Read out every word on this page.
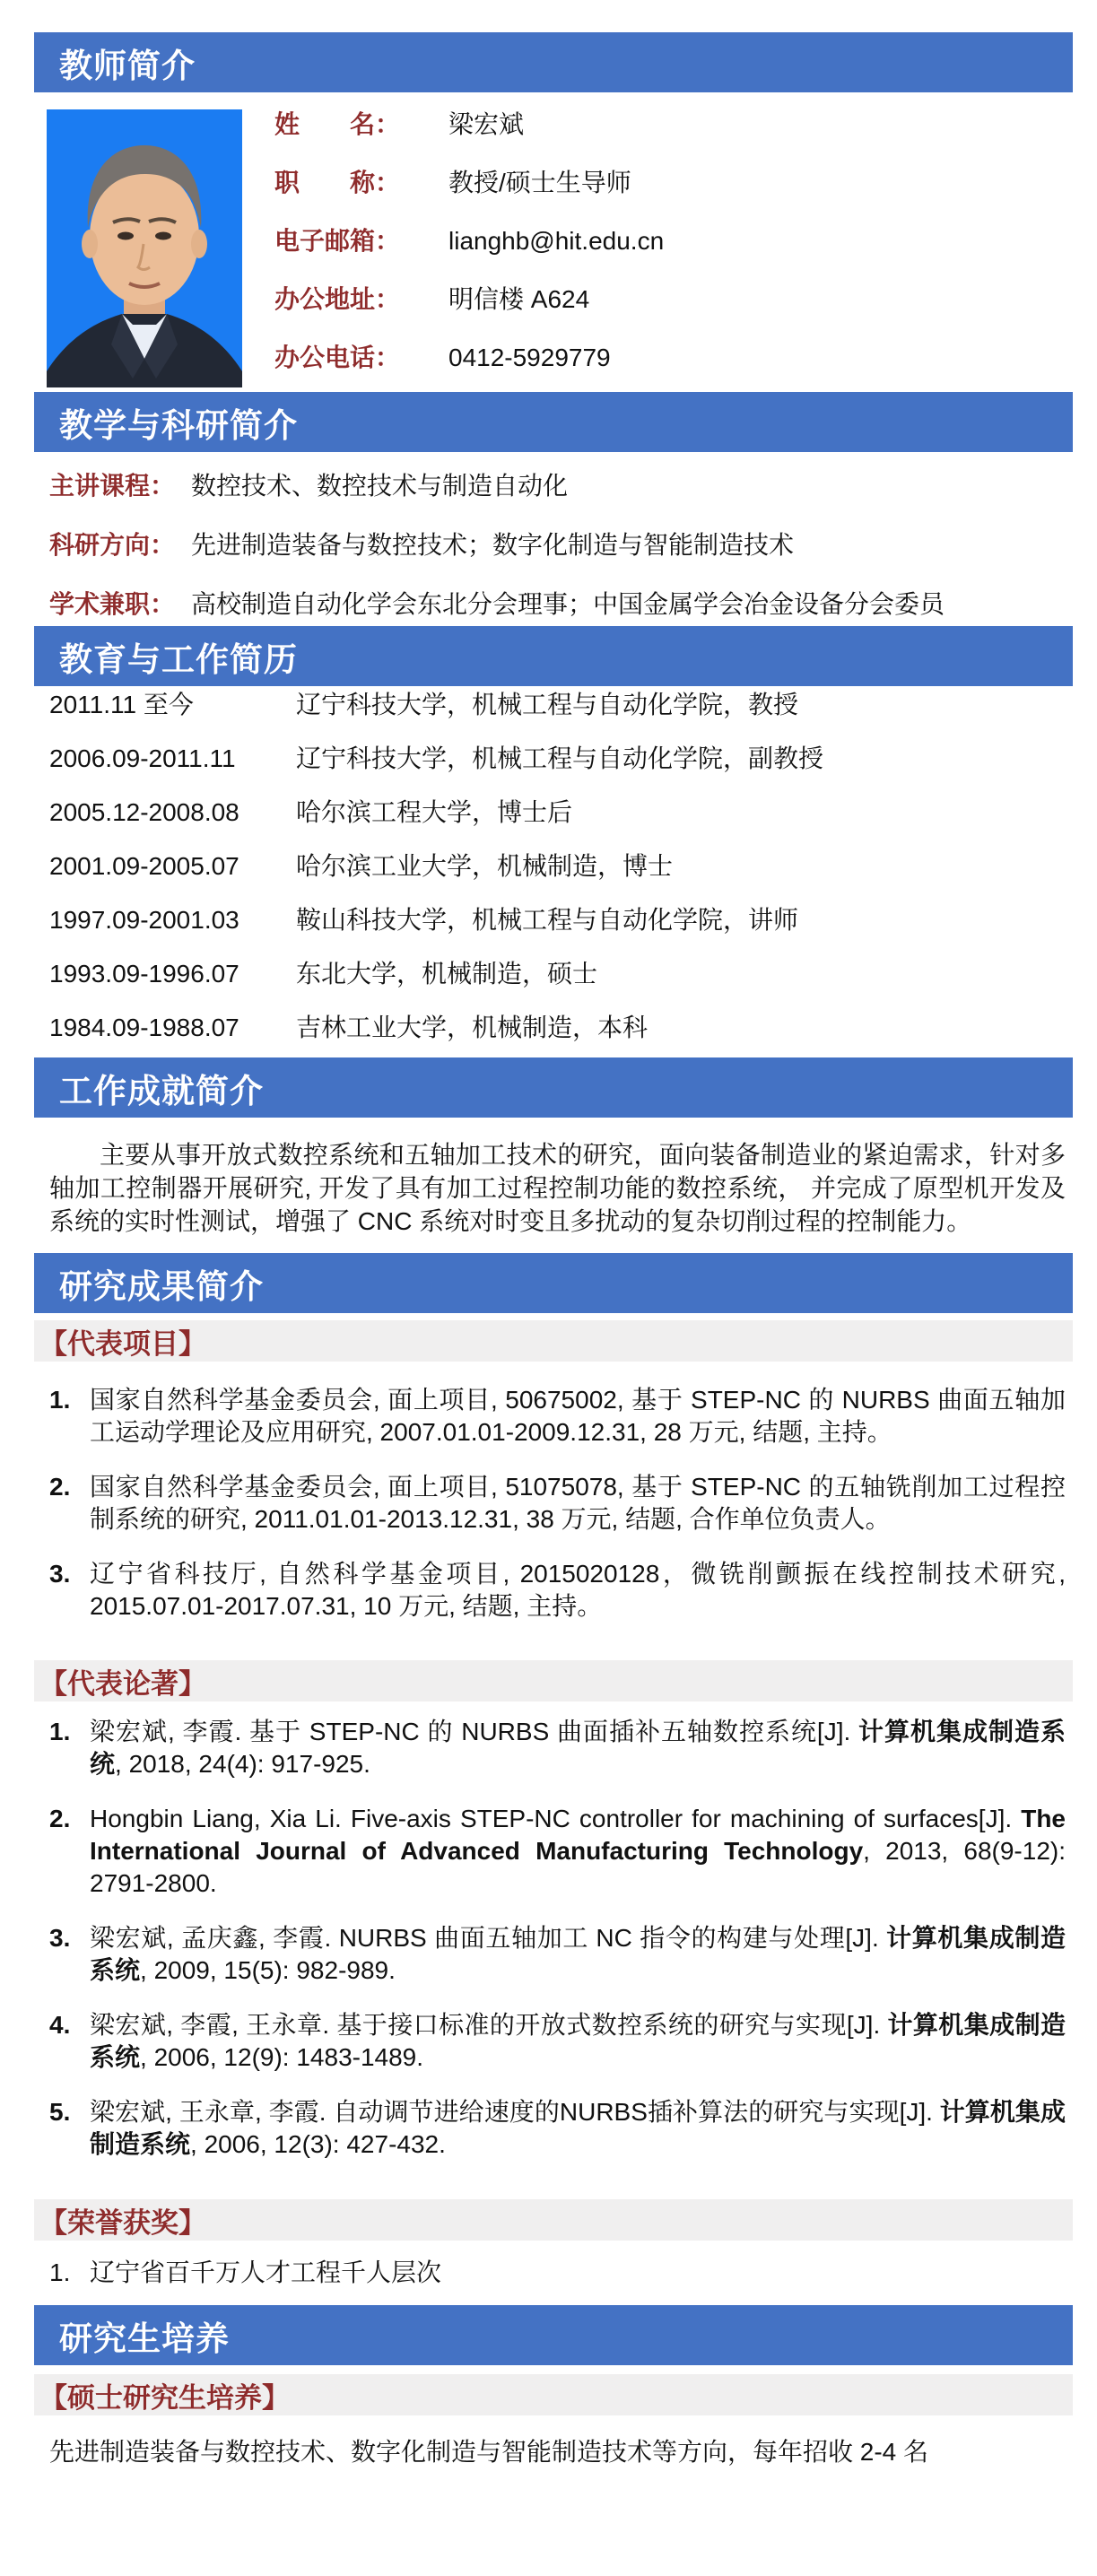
教师简介
姓　　名：	梁宏斌
职　　称：	教授/硕士生导师
电子邮箱：	lianghb@hit.edu.cn
办公地址：	明信楼 A624
办公电话：	0412-5929779
教学与科研简介
主讲课程： 数控技术、数控技术与制造自动化
科研方向： 先进制造装备与数控技术；数字化制造与智能制造技术
学术兼职： 高校制造自动化学会东北分会理事；中国金属学会冶金设备分会委员
教育与工作简历
2011.11 至今	辽宁科技大学，机械工程与自动化学院，教授
2006.09-2011.11	辽宁科技大学，机械工程与自动化学院，副教授
2005.12-2008.08	哈尔滨工程大学，博士后
2001.09-2005.07	哈尔滨工业大学，机械制造，博士
1997.09-2001.03	鞍山科技大学，机械工程与自动化学院，讲师
1993.09-1996.07	东北大学，机械制造，硕士
1984.09-1988.07	吉林工业大学，机械制造，本科
工作成就简介

主要从事开放式数控系统和五轴加工技术的研究，面向装备制造业的紧迫需求，针对多轴加工控制器开展研究, 开发了具有加工过程控制功能的数控系统， 并完成了原型机开发及系统的实时性测试，增强了 CNC 系统对时变且多扰动的复杂切削过程的控制能力。

研究成果简介
【代表项目】
1. 国家自然科学基金委员会, 面上项目, 50675002, 基于 STEP-NC 的 NURBS 曲面五轴加工运动学理论及应用研究, 2007.01.01-2009.12.31, 28 万元, 结题, 主持。
2. 国家自然科学基金委员会, 面上项目, 51075078, 基于 STEP-NC 的五轴铣削加工过程控制系统的研究, 2011.01.01-2013.12.31, 38 万元, 结题, 合作单位负责人。
3. 辽宁省科技厅, 自然科学基金项目, 2015020128，微铣削颤振在线控制技术研究, 2015.07.01-2017.07.31, 10 万元, 结题, 主持。
【代表论著】
1. 梁宏斌, 李霞. 基于 STEP-NC 的 NURBS 曲面插补五轴数控系统[J]. 计算机集成制造系统, 2018, 24(4): 917-925.
2. Hongbin Liang, Xia Li. Five-axis STEP-NC controller for machining of surfaces[J]. The International Journal of Advanced Manufacturing Technology, 2013, 68(9-12): 2791-2800.
3. 梁宏斌, 孟庆鑫, 李霞. NURBS 曲面五轴加工 NC 指令的构建与处理[J]. 计算机集成制造系统, 2009, 15(5): 982-989.
4. 梁宏斌, 李霞, 王永章. 基于接口标准的开放式数控系统的研究与实现[J]. 计算机集成制造系统, 2006, 12(9): 1483-1489.
5. 梁宏斌, 王永章, 李霞. 自动调节进给速度的NURBS插补算法的研究与实现[J]. 计算机集成制造系统, 2006, 12(3): 427-432.
【荣誉获奖】
1. 辽宁省百千万人才工程千人层次
研究生培养
【硕士研究生培养】
先进制造装备与数控技术、数字化制造与智能制造技术等方向，每年招收 2-4 名
